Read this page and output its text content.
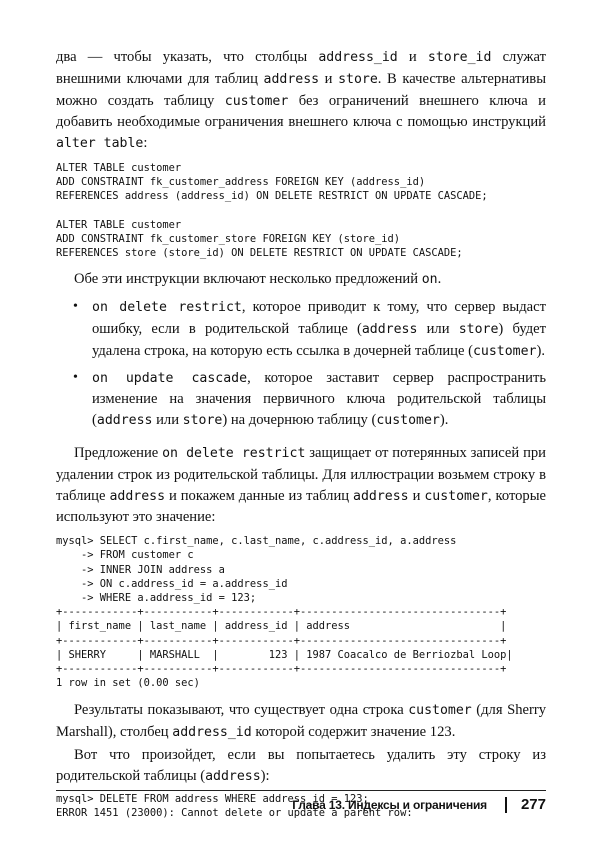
два — чтобы указать, что столбцы address_id и store_id служат внешними ключами для таблиц address и store. В качестве альтернативы можно создать таблицу customer без ограничений внешнего ключа и добавить необходимые ограничения внешнего ключа с помощью инструкций alter table:

ALTER TABLE customer
ADD CONSTRAINT fk_customer_address FOREIGN KEY (address_id)
REFERENCES address (address_id) ON DELETE RESTRICT ON UPDATE CASCADE;

ALTER TABLE customer
ADD CONSTRAINT fk_customer_store FOREIGN KEY (store_id)
REFERENCES store (store_id) ON DELETE RESTRICT ON UPDATE CASCADE;

Обе эти инструкции включают несколько предложений on.

• on delete restrict, которое приводит к тому, что сервер выдаст ошибку, если в родительской таблице (address или store) будет удалена строка, на которую есть ссылка в дочерней таблице (customer).
• on update cascade, которое заставит сервер распространить изменение на значения первичного ключа родительской таблицы (address или store) на дочернюю таблицу (customer).

Предложение on delete restrict защищает от потерянных записей при удалении строк из родительской таблицы. Для иллюстрации возьмем строку в таблице address и покажем данные из таблиц address и customer, которые используют это значение:

mysql> SELECT c.first_name, c.last_name, c.address_id, a.address
-> FROM customer c
-> INNER JOIN address a
-> ON c.address_id = a.address_id
-> WHERE a.address_id = 123;
+------------+-----------+------------+--------------------------------+
| first_name | last_name | address_id | address                        |
+------------+-----------+------------+--------------------------------+
| SHERRY     | MARSHALL  |        123 | 1987 Coacalco de Berriozbal Loop|
+------------+-----------+------------+--------------------------------+
1 row in set (0.00 sec)

Результаты показывают, что существует одна строка customer (для Sherry Marshall), столбец address_id которой содержит значение 123.

Вот что произойдет, если вы попытаетесь удалить эту строку из родительской таблицы (address):

mysql> DELETE FROM address WHERE address_id = 123;
ERROR 1451 (23000): Cannot delete or update a parent row:
Глава 13. Индексы и ограничения 277
